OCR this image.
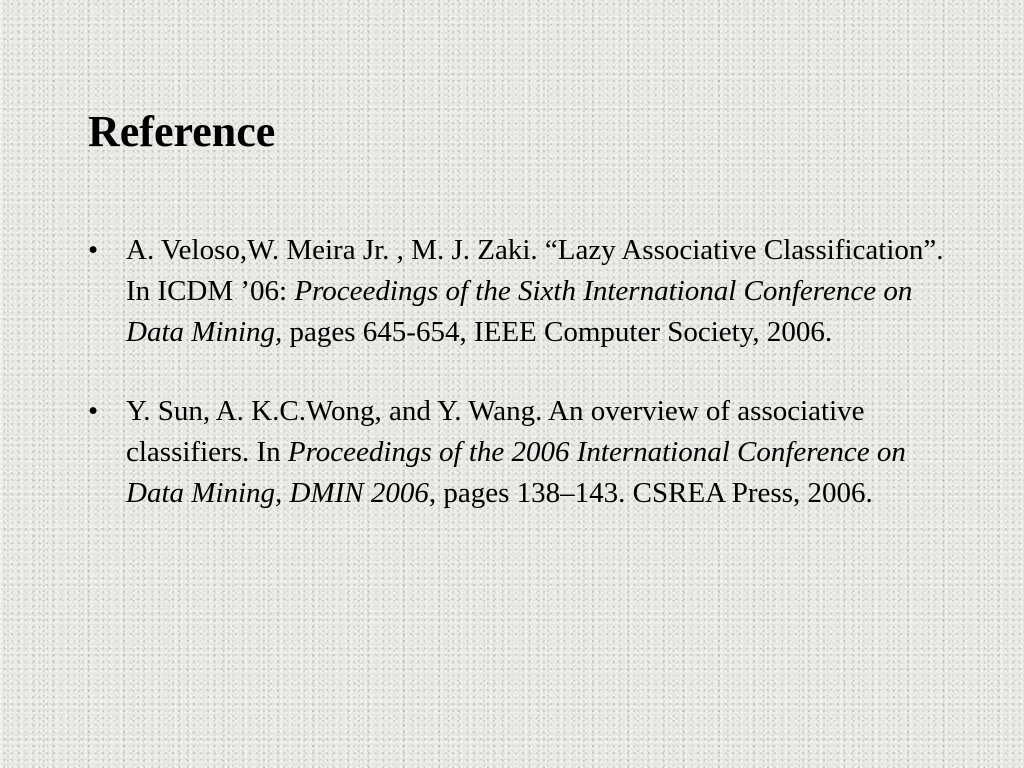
Reference
• A. Veloso,W. Meira Jr. , M. J. Zaki. “Lazy Associative Classification”. In ICDM ’06: Proceedings of the Sixth International Conference on Data Mining, pages 645-654, IEEE Computer Society, 2006.
• Y. Sun, A. K.C.Wong, and Y. Wang. An overview of associative classifiers. In Proceedings of the 2006 International Conference on Data Mining, DMIN 2006, pages 138–143. CSREA Press, 2006.
